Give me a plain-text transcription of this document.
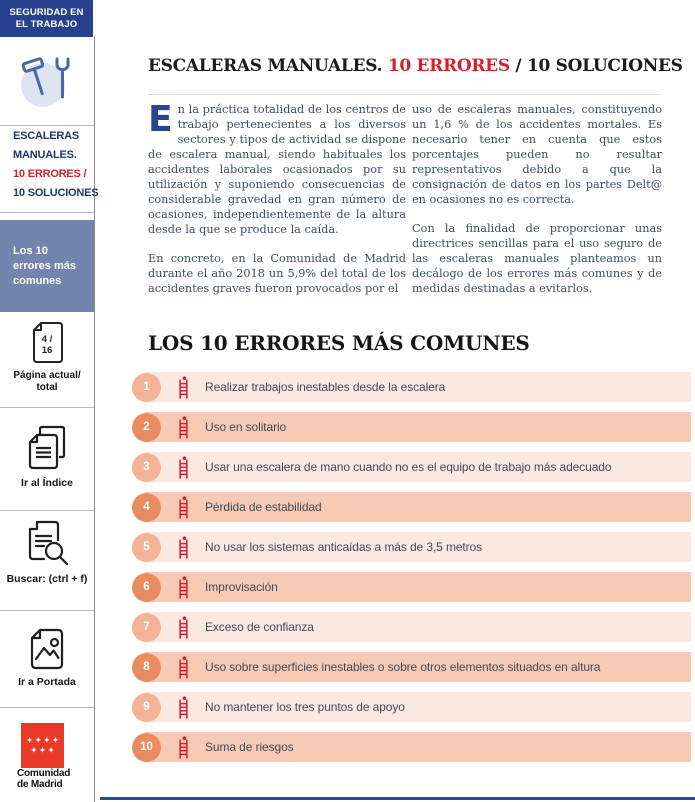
SEGURIDAD EN
EL TRABAJO
ESCALERAS
MANUALES.
10 ERRORES /
10 SOLUCIONES
Los 10 errores más comunes
4 /
16
Página actual/
total
Ir al Índice
Buscar: (ctrl + f)
Ir a Portada
✦✦✦✦
✦✦✦
Comunidad
de Madrid
ESCALERAS MANUALES. 10 ERRORES / 10 SOLUCIONES

En la práctica totalidad de los centros de trabajo pertenecientes a los diversos sectores y tipos de actividad se dispone de escalera manual, siendo habituales los accidentes laborales ocasionados por su utilización y suponiendo consecuencias de considerable gravedad en gran número de ocasiones, independientemente de la altura desde la que se produce la caída.

En concreto, en la Comunidad de Madrid durante el año 2018 un 5,9% del total de los accidentes graves fueron provocados por el

uso de escaleras manuales, constituyendo un 1,6 % de los accidentes mortales. Es necesario tener en cuenta que estos porcentajes pueden no resultar representativos debido a que la consignación de datos en los partes Delt@ en ocasiones no es correcta.

Con la finalidad de proporcionar unas directrices sencillas para el uso seguro de las escaleras manuales planteamos un decálogo de los errores más comunes y de medidas destinadas a evitarlos.

LOS 10 ERRORES MÁS COMUNES
1	Realizar trabajos inestables desde la escalera
2	Uso en solitario
3	Usar una escalera de mano cuando no es el equipo de trabajo más adecuado
4	Pérdida de estabilidad
5	No usar los sistemas anticaídas a más de 3,5 metros
6	Improvisación
7	Exceso de confianza
8	Uso sobre superficies inestables o sobre otros elementos situados en altura
9	No mantener los tres puntos de apoyo
10	Suma de riesgos
